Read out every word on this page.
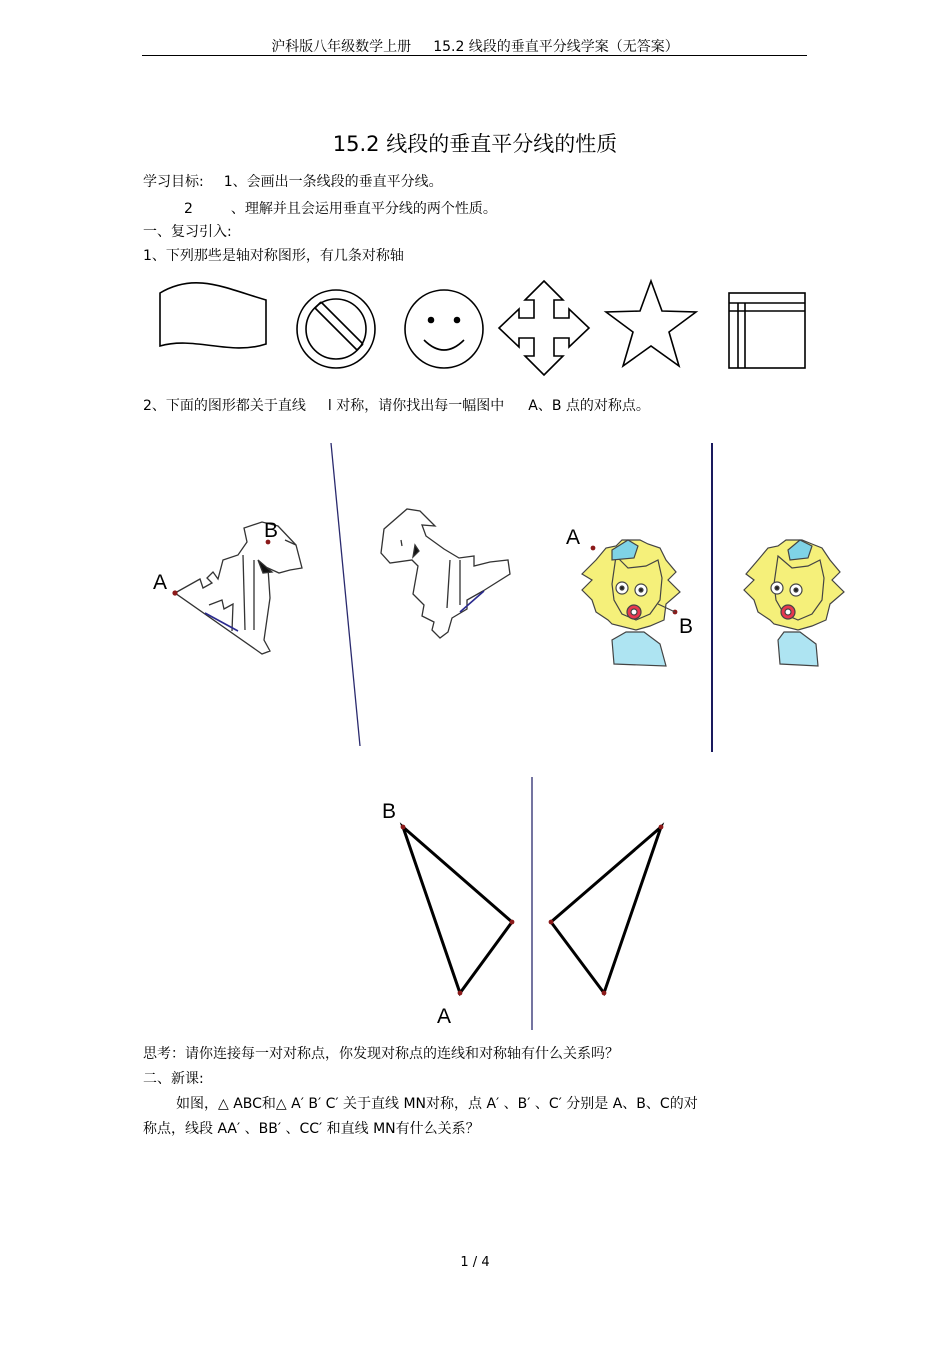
沪科版八年级数学上册 15.2 线段的垂直平分线学案（无答案）
15.2 线段的垂直平分线的性质
学习目标: 1、会画出一条线段的垂直平分线。
2	、理解并且会运用垂直平分线的两个性质。
一、复习引入:
1、下列那些是轴对称图形，有几条对称轴
2、下面的图形都关于直线 l 对称，请你找出每一幅图中 A、B 点的对称点。
B
A
A
B
B
A
思考：请你连接每一对对称点，你发现对称点的连线和对称轴有什么关系吗？
二、新课:
如图，△ ABC和△ A′ B′ C′ 关于直线 MN对称，点 A′ 、B′ 、C′ 分别是 A、B、C的对
称点，线段 AA′ 、BB′ 、CC′ 和直线 MN有什么关系？
1 / 4
